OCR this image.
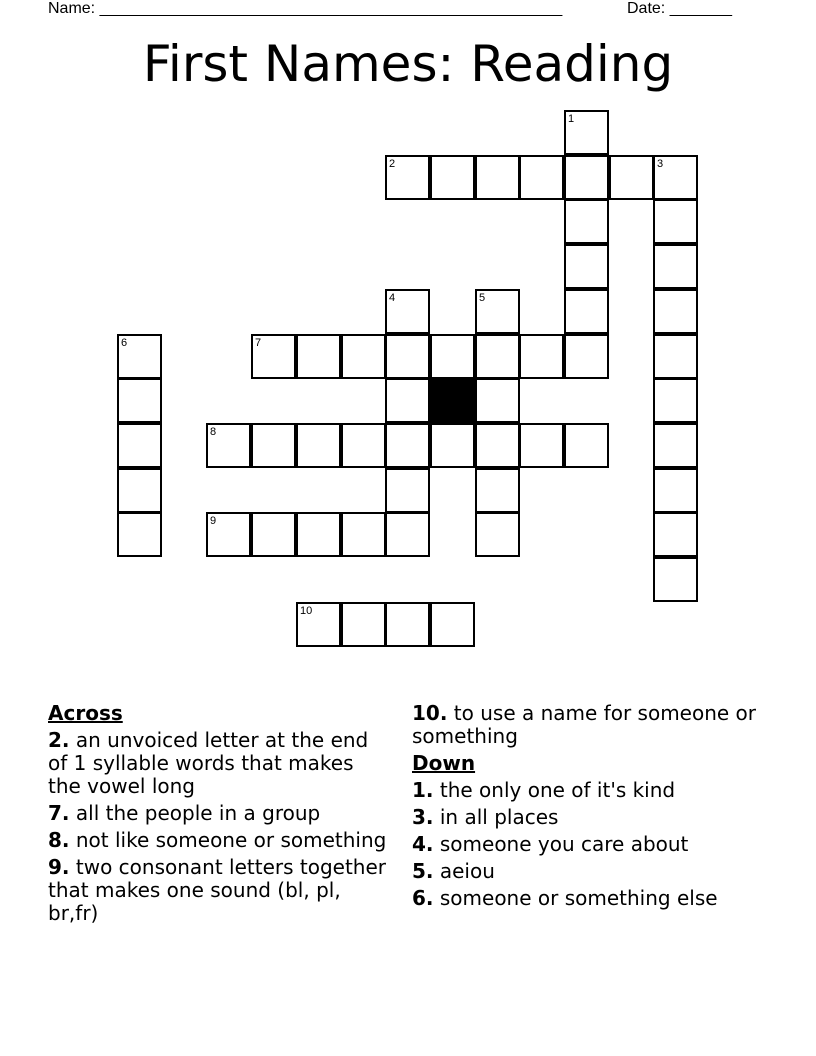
Name: ____________________________________________________	Date: _______
First Names: Reading
1
2	3
4	5
6	7
8
9
10
Across

2. an unvoiced letter at the end of 1 syllable words that makes the vowel long

7. all the people in a group

8. not like someone or something

9. two consonant letters together that makes one sound (bl, pl, br,fr)

10. to use a name for someone or something

Down

1. the only one of it's kind

3. in all places

4. someone you care about

5. aeiou

6. someone or something else
